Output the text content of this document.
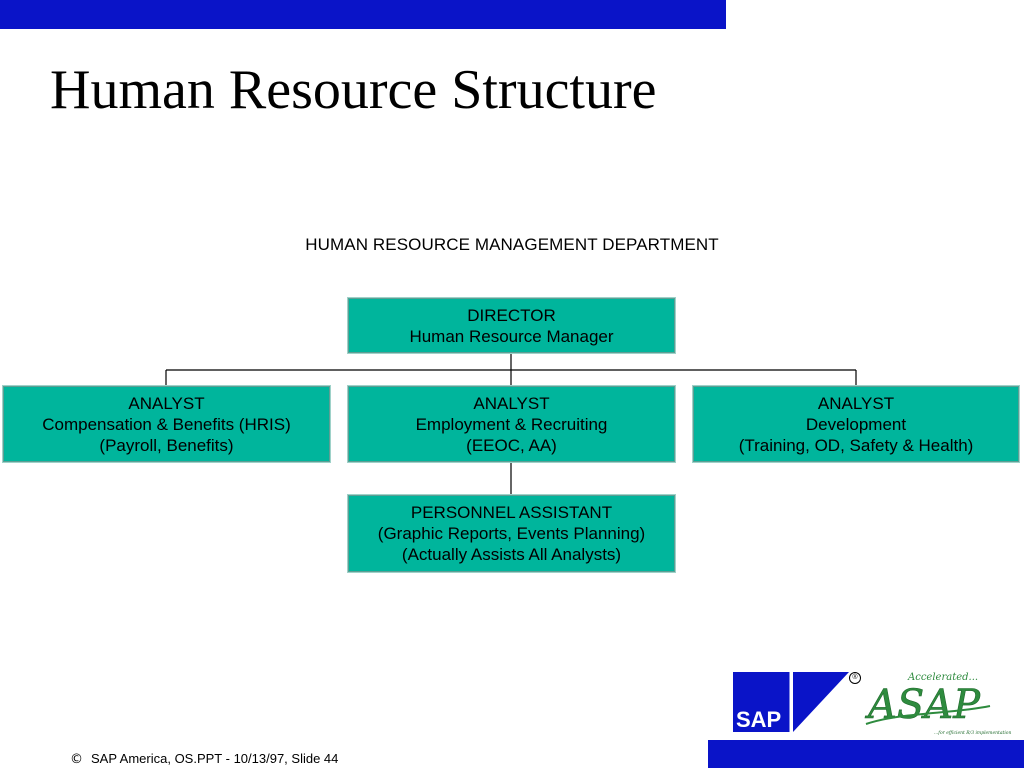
Human Resource Structure
HUMAN RESOURCE MANAGEMENT DEPARTMENT
DIRECTOR
Human Resource Manager
ANALYST
Compensation & Benefits (HRIS)
(Payroll, Benefits)
ANALYST
Employment & Recruiting
(EEOC, AA)
ANALYST
Development
(Training, OD, Safety & Health)
PERSONNEL ASSISTANT
(Graphic Reports, Events Planning)
(Actually Assists All Analysts)
SAP
®	Accelerated...
ASAP
...for efficient R/3 implementation
© SAP America, OS.PPT - 10/13/97, Slide 44
